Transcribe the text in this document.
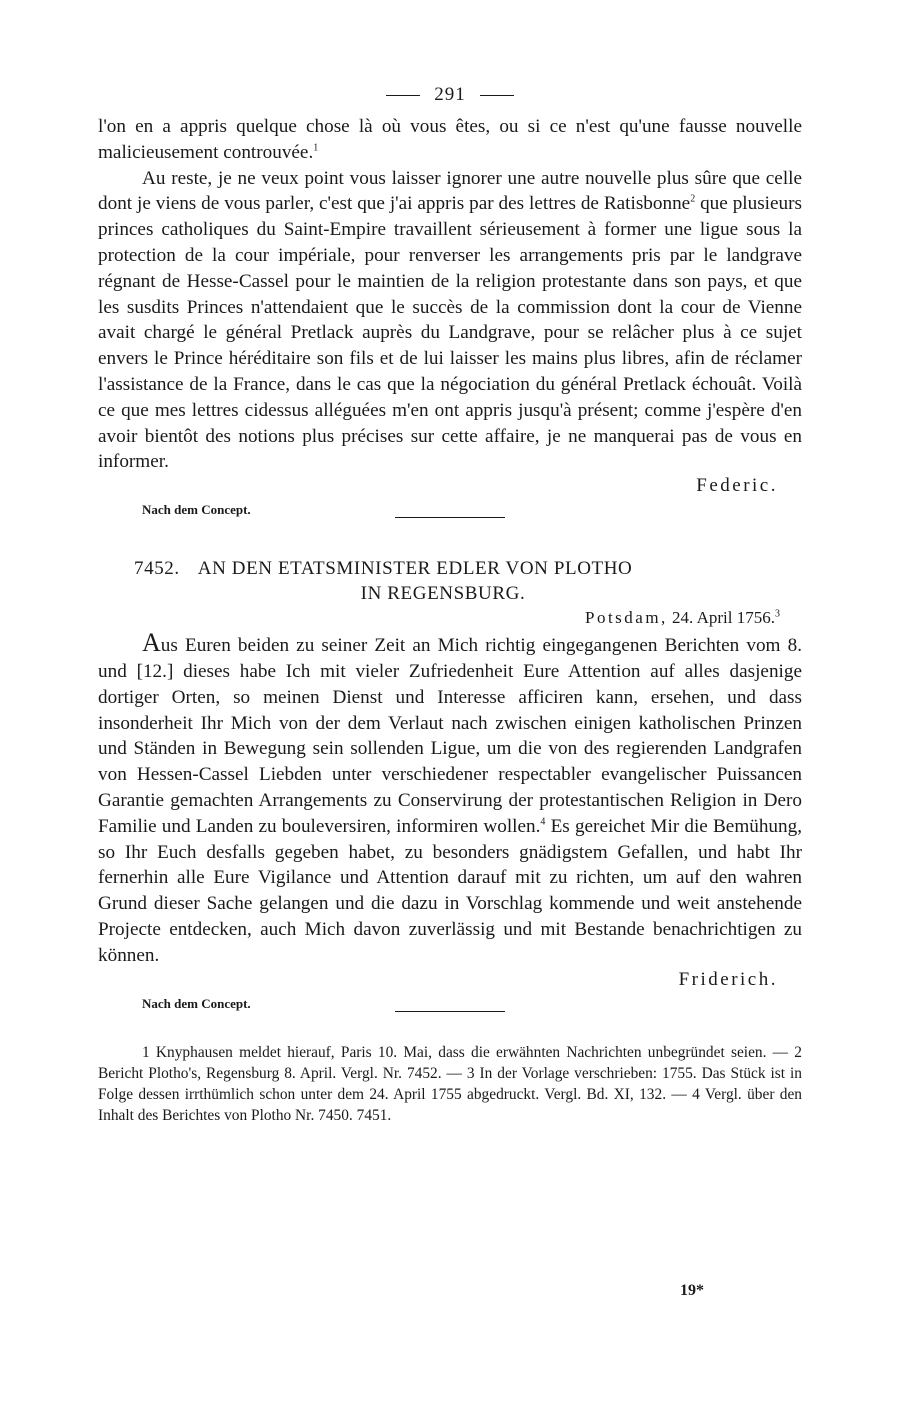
291

l'on en a appris quelque chose là où vous êtes, ou si ce n'est qu'une fausse nouvelle malicieusement controuvée.$^1$

Au reste, je ne veux point vous laisser ignorer une autre nouvelle plus sûre que celle dont je viens de vous parler, c'est que j'ai appris par des lettres de Ratisbonne$^2$ que plusieurs princes catholiques du Saint-Empire travaillent sérieusement à former une ligue sous la protection de la cour impériale, pour renverser les arrangements pris par le landgrave régnant de Hesse-Cassel pour le maintien de la religion protestante dans son pays, et que les susdits Princes n'attendaient que le succès de la commission dont la cour de Vienne avait chargé le général Pretlack auprès du Landgrave, pour se relâcher plus à ce sujet envers le Prince héréditaire son fils et de lui laisser les mains plus libres, afin de réclamer l'assistance de la France, dans le cas que la négociation du général Pretlack échouât. Voilà ce que mes lettres cidessus alléguées m'en ont appris jusqu'à présent; comme j'espère d'en avoir bientôt des notions plus précises sur cette affaire, je ne manquerai pas de vous en informer.

Federic.
Nach dem Concept.
7452. AN DEN ETATSMINISTER EDLER VON PLOTHO
IN REGENSBURG.
Potsdam, 24. April 1756.$^3$

Aus Euren beiden zu seiner Zeit an Mich richtig eingegangenen Berichten vom 8. und [12.] dieses habe Ich mit vieler Zufriedenheit Eure Attention auf alles dasjenige dortiger Orten, so meinen Dienst und Interesse afficiren kann, ersehen, und dass insonderheit Ihr Mich von der dem Verlaut nach zwischen einigen katholischen Prinzen und Ständen in Bewegung sein sollenden Ligue, um die von des regierenden Landgrafen von Hessen-Cassel Liebden unter verschiedener respectabler evangelischer Puissancen Garantie gemachten Arrangements zu Conservirung der protestantischen Religion in Dero Familie und Landen zu bouleversiren, informiren wollen.$^4$ Es gereichet Mir die Bemühung, so Ihr Euch desfalls gegeben habet, zu besonders gnädigstem Gefallen, und habt Ihr fernerhin alle Eure Vigilance und Attention darauf mit zu richten, um auf den wahren Grund dieser Sache gelangen und die dazu in Vorschlag kommende und weit anstehende Projecte entdecken, auch Mich davon zuverlässig und mit Bestande benachrichtigen zu können.

Friderich.
Nach dem Concept.

1 Knyphausen meldet hierauf, Paris 10. Mai, dass die erwähnten Nachrichten unbegründet seien. — 2 Bericht Plotho's, Regensburg 8. April. Vergl. Nr. 7452. — 3 In der Vorlage verschrieben: 1755. Das Stück ist in Folge dessen irrthümlich schon unter dem 24. April 1755 abgedruckt. Vergl. Bd. XI, 132. — 4 Vergl. über den Inhalt des Berichtes von Plotho Nr. 7450. 7451.

19*
